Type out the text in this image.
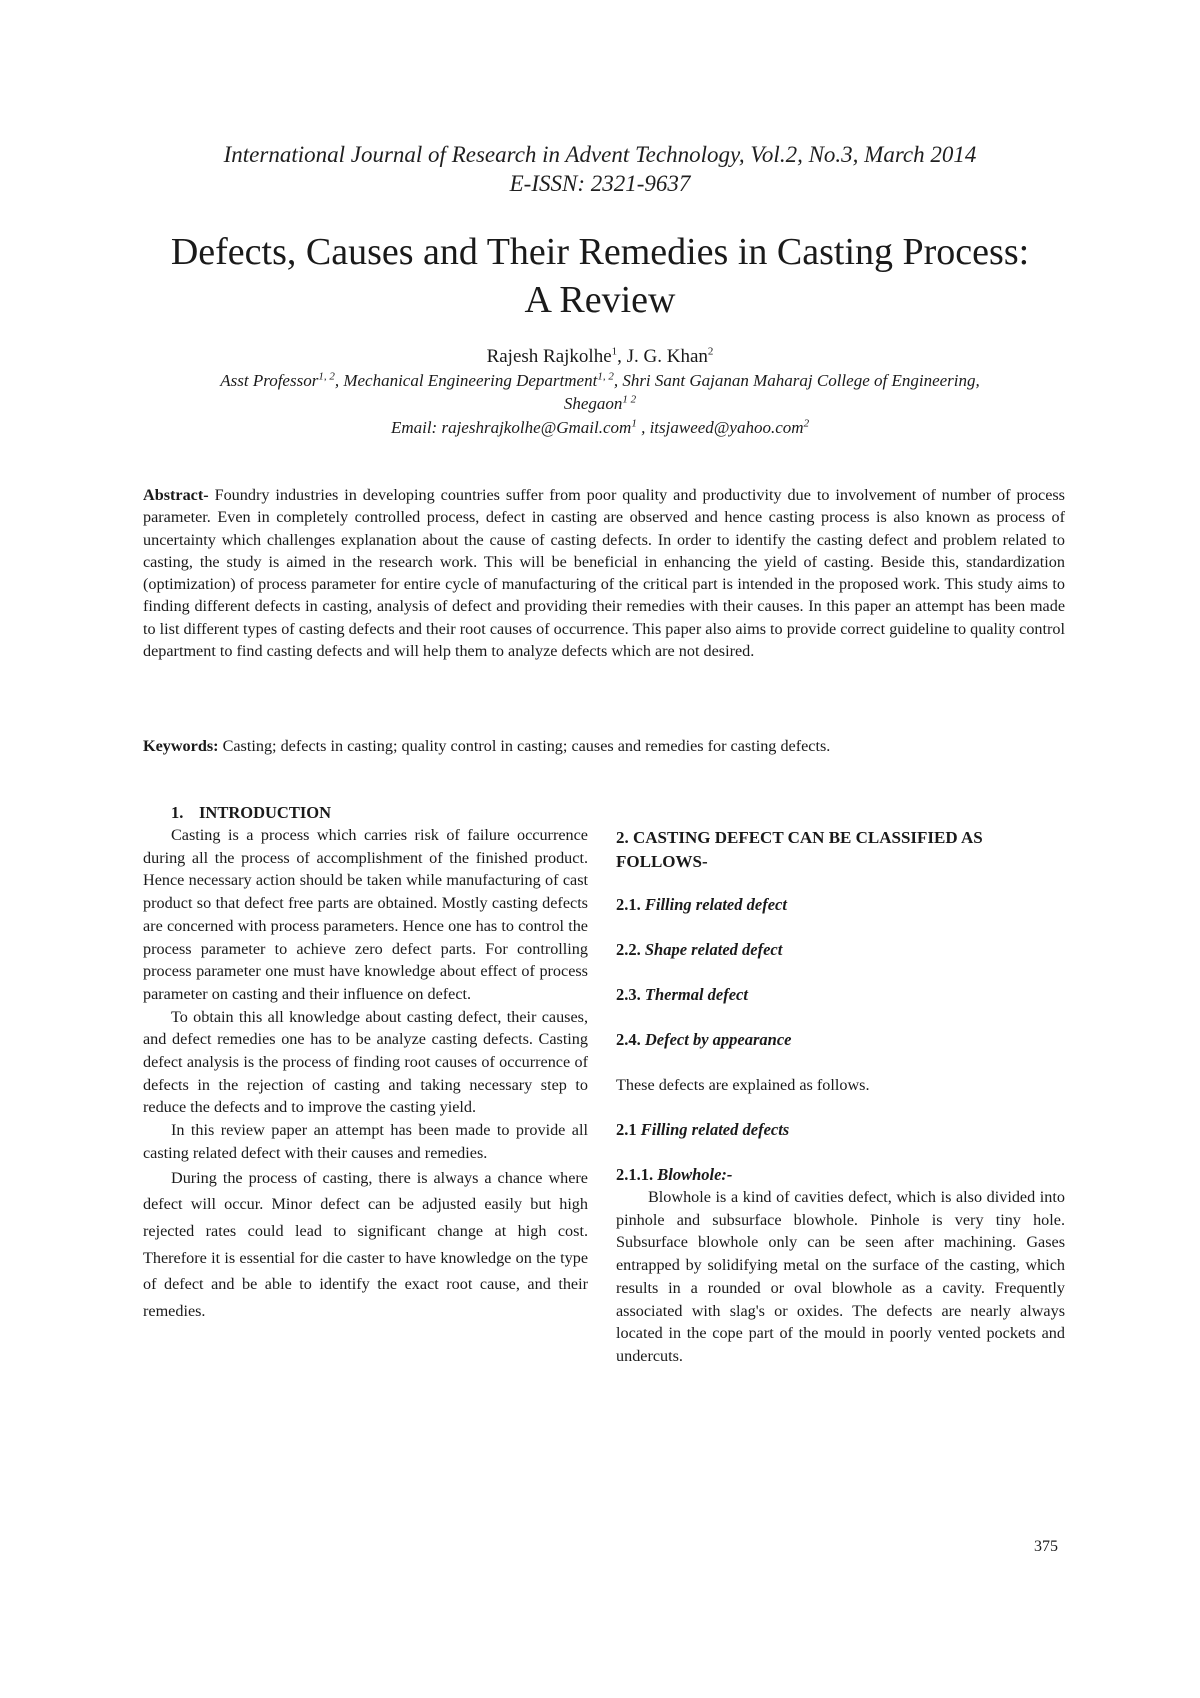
International Journal of Research in Advent Technology, Vol.2, No.3, March 2014
E-ISSN: 2321-9637
Defects, Causes and Their Remedies in Casting Process:
A Review
Rajesh Rajkolhe$^1$, J. G. Khan$^2$
Asst Professor$^{1, 2}$, Mechanical Engineering Department$^{1, 2}$, Shri Sant Gajanan Maharaj College of Engineering,
Shegaon$^{1 2}$
Email: rajeshrajkolhe@Gmail.com$^1$ , itsjaweed@yahoo.com$^2$
Abstract- Foundry industries in developing countries suffer from poor quality and productivity due to involvement of number of process parameter. Even in completely controlled process, defect in casting are observed and hence casting process is also known as process of uncertainty which challenges explanation about the cause of casting defects. In order to identify the casting defect and problem related to casting, the study is aimed in the research work. This will be beneficial in enhancing the yield of casting. Beside this, standardization (optimization) of process parameter for entire cycle of manufacturing of the critical part is intended in the proposed work. This study aims to finding different defects in casting, analysis of defect and providing their remedies with their causes. In this paper an attempt has been made to list different types of casting defects and their root causes of occurrence. This paper also aims to provide correct guideline to quality control department to find casting defects and will help them to analyze defects which are not desired.
Keywords: Casting; defects in casting; quality control in casting; causes and remedies for casting defects.
1. INTRODUCTION

Casting is a process which carries risk of failure occurrence during all the process of accomplishment of the finished product. Hence necessary action should be taken while manufacturing of cast product so that defect free parts are obtained. Mostly casting defects are concerned with process parameters. Hence one has to control the process parameter to achieve zero defect parts. For controlling process parameter one must have knowledge about effect of process parameter on casting and their influence on defect.

To obtain this all knowledge about casting defect, their causes, and defect remedies one has to be analyze casting defects. Casting defect analysis is the process of finding root causes of occurrence of defects in the rejection of casting and taking necessary step to reduce the defects and to improve the casting yield.

In this review paper an attempt has been made to provide all casting related defect with their causes and remedies.

During the process of casting, there is always a chance where defect will occur. Minor defect can be adjusted easily but high rejected rates could lead to significant change at high cost. Therefore it is essential for die caster to have knowledge on the type of defect and be able to identify the exact root cause, and their remedies.

2. CASTING DEFECT CAN BE CLASSIFIED AS FOLLOWS-
2.1. Filling related defect
2.2. Shape related defect
2.3. Thermal defect
2.4. Defect by appearance
These defects are explained as follows.
2.1 Filling related defects
2.1.1. Blowhole:-

Blowhole is a kind of cavities defect, which is also divided into pinhole and subsurface blowhole. Pinhole is very tiny hole. Subsurface blowhole only can be seen after machining. Gases entrapped by solidifying metal on the surface of the casting, which results in a rounded or oval blowhole as a cavity. Frequently associated with slag's or oxides. The defects are nearly always located in the cope part of the mould in poorly vented pockets and undercuts.

375
